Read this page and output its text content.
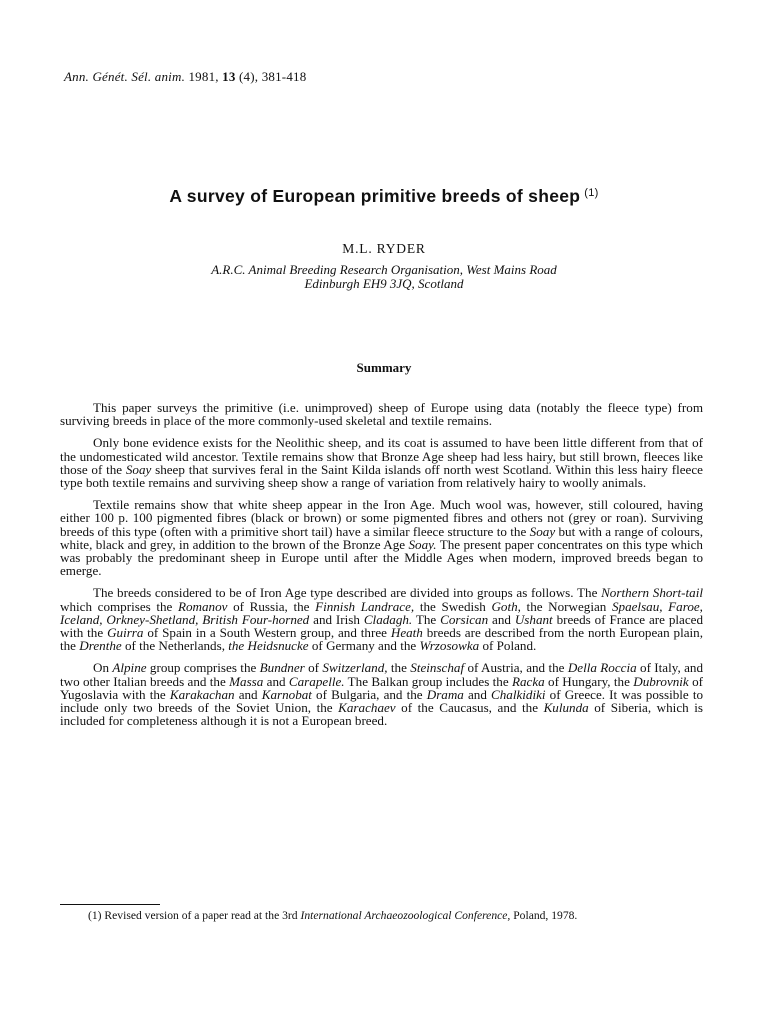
Ann. Génét. Sél. anim. 1981, 13 (4), 381-418
A survey of European primitive breeds of sheep $^{(1)}$
M.L. RYDER
A.R.C. Animal Breeding Research Organisation, West Mains Road
Edinburgh EH9 3JQ, Scotland
Summary

This paper surveys the primitive (i.e. unimproved) sheep of Europe using data (notably the fleece type) from surviving breeds in place of the more commonly-used skeletal and textile remains.

Only bone evidence exists for the Neolithic sheep, and its coat is assumed to have been little different from that of the undomesticated wild ancestor. Textile remains show that Bronze Age sheep had less hairy, but still brown, fleeces like those of the Soay sheep that survives feral in the Saint Kilda islands off north west Scotland. Within this less hairy fleece type both textile remains and surviving sheep show a range of variation from relatively hairy to woolly animals.

Textile remains show that white sheep appear in the Iron Age. Much wool was, however, still coloured, having either 100 p. 100 pigmented fibres (black or brown) or some pigmented fibres and others not (grey or roan). Surviving breeds of this type (often with a primitive short tail) have a similar fleece structure to the Soay but with a range of colours, white, black and grey, in addition to the brown of the Bronze Age Soay. The present paper concentrates on this type which was probably the predominant sheep in Europe until after the Middle Ages when modern, improved breeds began to emerge.

The breeds considered to be of Iron Age type described are divided into groups as follows. The Northern Short-tail which comprises the Romanov of Russia, the Finnish Landrace, the Swedish Goth, the Norwegian Spaelsau, Faroe, Iceland, Orkney-Shetland, British Four-horned and Irish Cladagh. The Corsican and Ushant breeds of France are placed with the Guirra of Spain in a South Western group, and three Heath breeds are described from the north European plain, the Drenthe of the Netherlands, the Heidsnucke of Germany and the Wrzosowka of Poland.

On Alpine group comprises the Bundner of Switzerland, the Steinschaf of Austria, and the Della Roccia of Italy, and two other Italian breeds and the Massa and Carapelle. The Balkan group includes the Racka of Hungary, the Dubrovnik of Yugoslavia with the Karakachan and Karnobat of Bulgaria, and the Drama and Chalkidiki of Greece. It was possible to include only two breeds of the Soviet Union, the Karachaev of the Caucasus, and the Kulunda of Siberia, which is included for completeness although it is not a European breed.

(1) Revised version of a paper read at the 3rd International Archaeozoological Conference, Poland, 1978.
